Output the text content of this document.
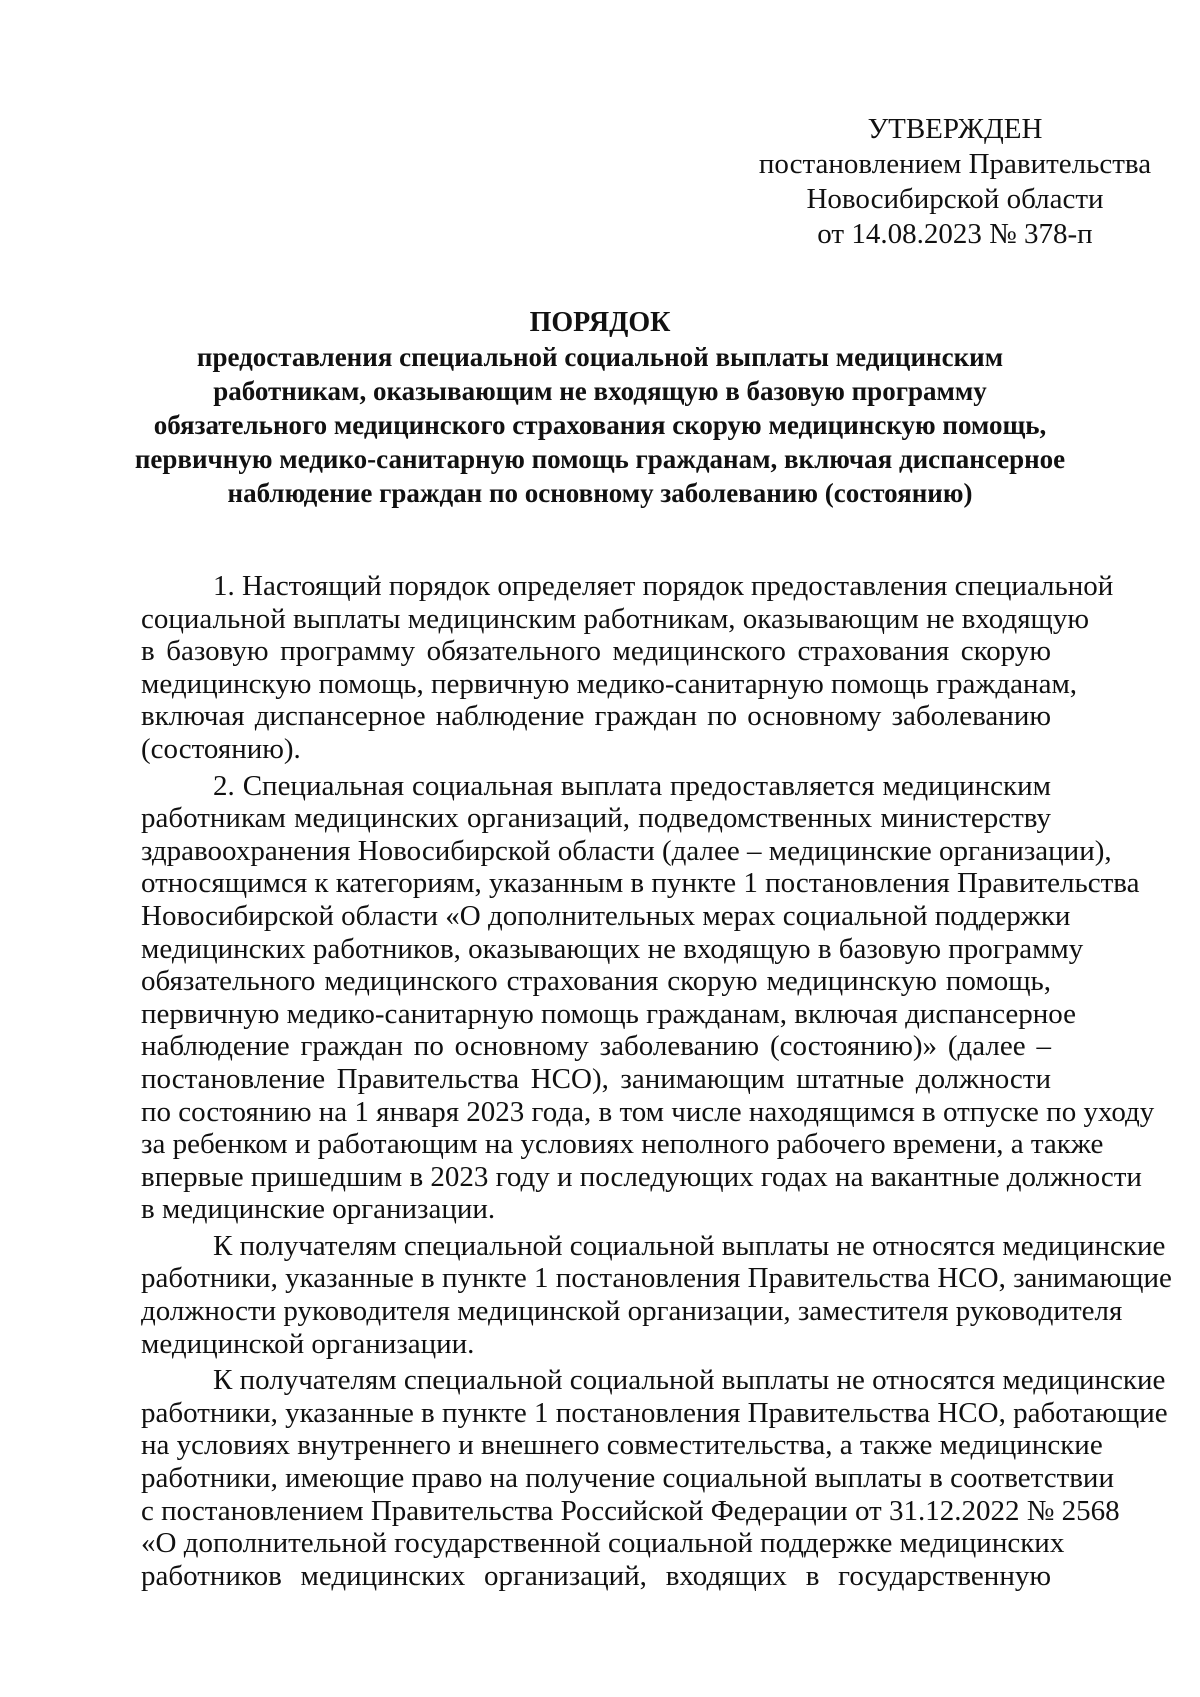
УТВЕРЖДЕН
постановлением Правительства
Новосибирской области
от 14.08.2023 № 378-п
ПОРЯДОК
предоставления специальной социальной выплаты медицинским
работникам, оказывающим не входящую в базовую программу
обязательного медицинского страхования скорую медицинскую помощь,
первичную медико-санитарную помощь гражданам, включая диспансерное
наблюдение граждан по основному заболеванию (состоянию)
1. Настоящий порядок определяет порядок предоставления специальной
социальной выплаты медицинским работникам, оказывающим не входящую
в базовую программу обязательного медицинского страхования скорую
медицинскую помощь, первичную медико-санитарную помощь гражданам,
включая диспансерное наблюдение граждан по основному заболеванию
(состоянию).
2. Специальная социальная выплата предоставляется медицинским
работникам медицинских организаций, подведомственных министерству
здравоохранения Новосибирской области (далее – медицинские организации),
относящимся к категориям, указанным в пункте 1 постановления Правительства
Новосибирской области «О дополнительных мерах социальной поддержки
медицинских работников, оказывающих не входящую в базовую программу
обязательного медицинского страхования скорую медицинскую помощь,
первичную медико-санитарную помощь гражданам, включая диспансерное
наблюдение граждан по основному заболеванию (состоянию)» (далее –
постановление Правительства НСО), занимающим штатные должности
по состоянию на 1 января 2023 года, в том числе находящимся в отпуске по уходу
за ребенком и работающим на условиях неполного рабочего времени, а также
впервые пришедшим в 2023 году и последующих годах на вакантные должности
в медицинские организации.
К получателям специальной социальной выплаты не относятся медицинские
работники, указанные в пункте 1 постановления Правительства НСО, занимающие
должности руководителя медицинской организации, заместителя руководителя
медицинской организации.
К получателям специальной социальной выплаты не относятся медицинские
работники, указанные в пункте 1 постановления Правительства НСО, работающие
на условиях внутреннего и внешнего совместительства, а также медицинские
работники, имеющие право на получение социальной выплаты в соответствии
с постановлением Правительства Российской Федерации от 31.12.2022 № 2568
«О дополнительной государственной социальной поддержке медицинских
работников медицинских организаций, входящих в государственную
